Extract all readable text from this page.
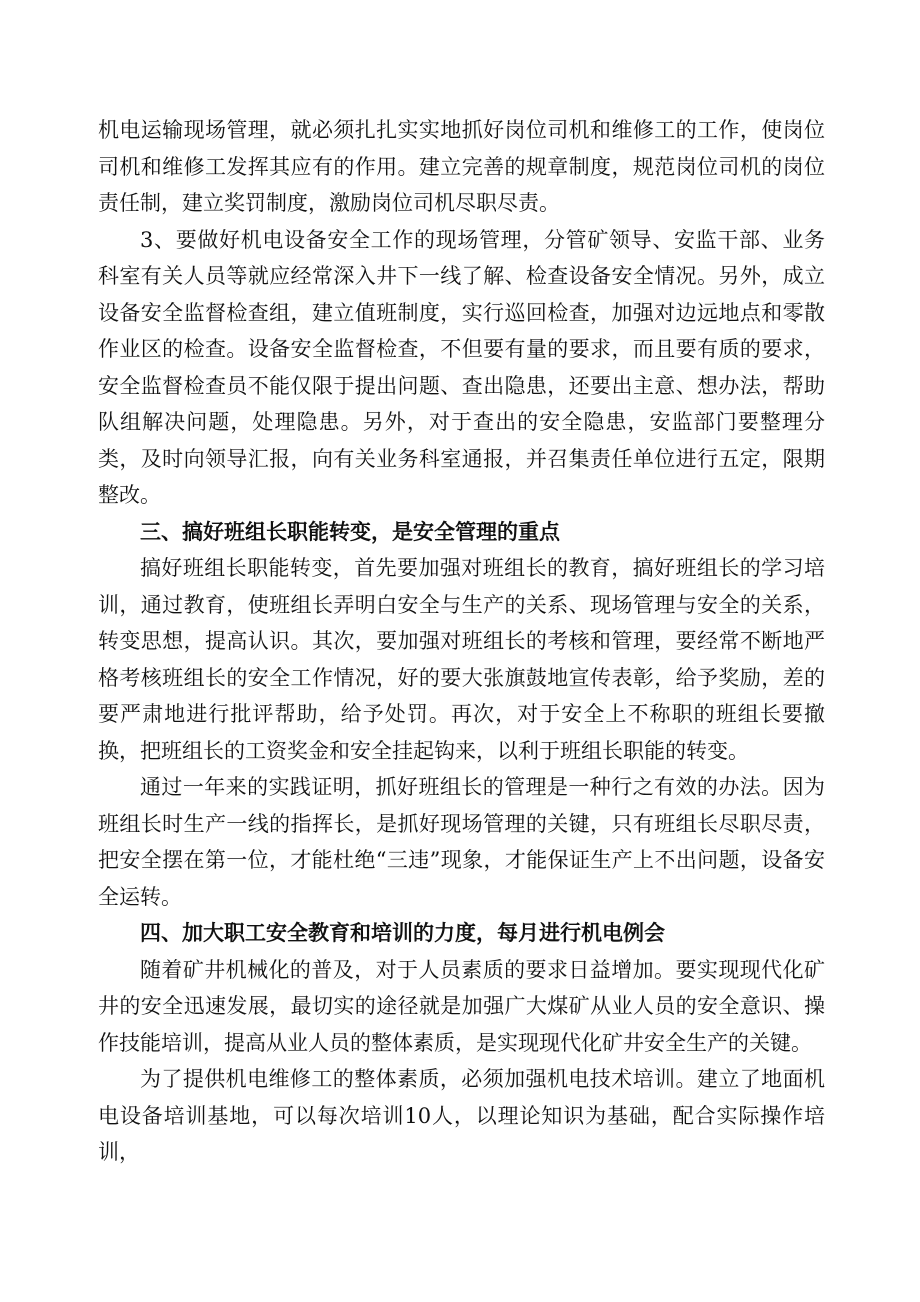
机电运输现场管理，就必须扎扎实实地抓好岗位司机和维修工的工作，使岗位司机和维修工发挥其应有的作用。建立完善的规章制度，规范岗位司机的岗位责任制，建立奖罚制度，激励岗位司机尽职尽责。

3、要做好机电设备安全工作的现场管理，分管矿领导、安监干部、业务科室有关人员等就应经常深入井下一线了解、检查设备安全情况。另外，成立设备安全监督检查组，建立值班制度，实行巡回检查，加强对边远地点和零散作业区的检查。设备安全监督检查，不但要有量的要求，而且要有质的要求，安全监督检查员不能仅限于提出问题、查出隐患，还要出主意、想办法，帮助队组解决问题，处理隐患。另外，对于查出的安全隐患，安监部门要整理分类，及时向领导汇报，向有关业务科室通报，并召集责任单位进行五定，限期整改。

三、搞好班组长职能转变，是安全管理的重点

搞好班组长职能转变，首先要加强对班组长的教育，搞好班组长的学习培训，通过教育，使班组长弄明白安全与生产的关系、现场管理与安全的关系，转变思想，提高认识。其次，要加强对班组长的考核和管理，要经常不断地严格考核班组长的安全工作情况，好的要大张旗鼓地宣传表彰，给予奖励，差的要严肃地进行批评帮助，给予处罚。再次，对于安全上不称职的班组长要撤换，把班组长的工资奖金和安全挂起钩来，以利于班组长职能的转变。

通过一年来的实践证明，抓好班组长的管理是一种行之有效的办法。因为班组长时生产一线的指挥长，是抓好现场管理的关键，只有班组长尽职尽责，把安全摆在第一位，才能杜绝“三违”现象，才能保证生产上不出问题，设备安全运转。

四、加大职工安全教育和培训的力度，每月进行机电例会

随着矿井机械化的普及，对于人员素质的要求日益增加。要实现现代化矿井的安全迅速发展，最切实的途径就是加强广大煤矿从业人员的安全意识、操作技能培训，提高从业人员的整体素质，是实现现代化矿井安全生产的关键。

为了提供机电维修工的整体素质，必须加强机电技术培训。建立了地面机电设备培训基地，可以每次培训10人，以理论知识为基础，配合实际操作培训，
